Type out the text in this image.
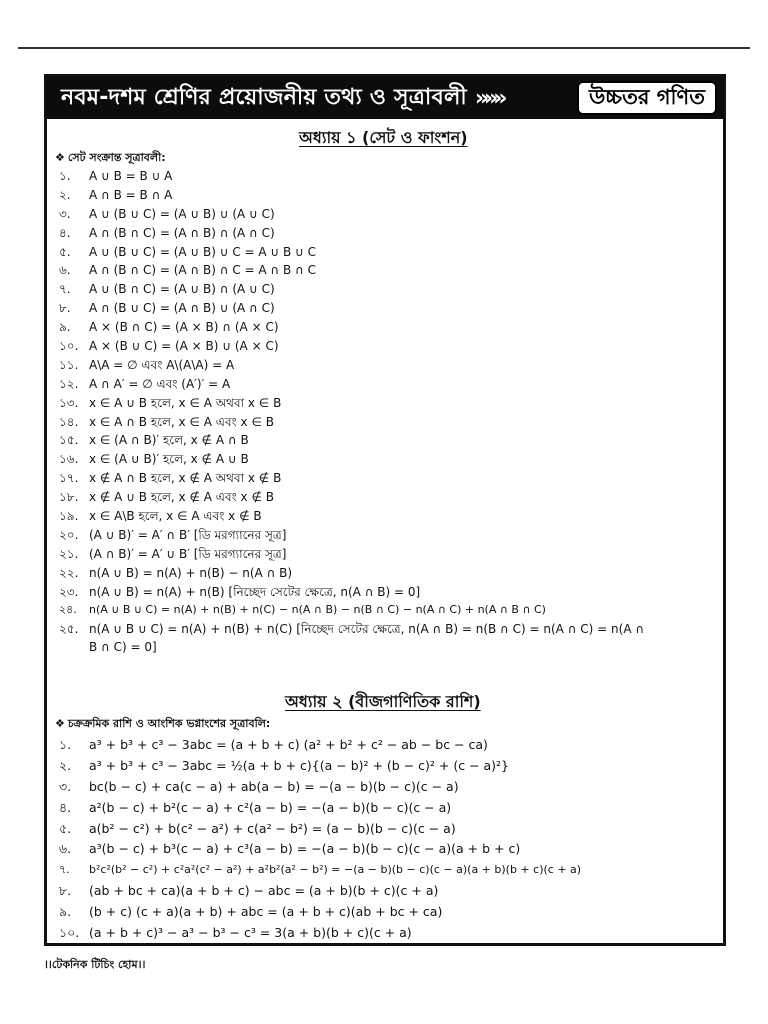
নবম-দশম শ্রেণির প্রয়োজনীয় তথ্য ও সূত্রাবলী »»»	উচ্চতর গণিত
অধ্যায় ১ (সেট ও ফাংশন)
❖ সেট সংক্রান্ত সূত্রাবলী:
১.	A ∪ B = B ∪ A
২.	A ∩ B = B ∩ A
৩.	A ∪ (B ∪ C) = (A ∪ B) ∪ (A ∪ C)
৪.	A ∩ (B ∩ C) = (A ∩ B) ∩ (A ∩ C)
৫.	A ∪ (B ∪ C) = (A ∪ B) ∪ C = A ∪ B ∪ C
৬.	A ∩ (B ∩ C) = (A ∩ B) ∩ C = A ∩ B ∩ C
৭.	A ∪ (B ∩ C) = (A ∪ B) ∩ (A ∪ C)
৮.	A ∩ (B ∪ C) = (A ∩ B) ∪ (A ∩ C)
৯.	A × (B ∩ C) = (A × B) ∩ (A × C)
১০. A × (B ∪ C) = (A × B) ∪ (A × C)
১১. A\A = ∅ এবং A\(A\A) = A
১২. A ∩ A′ = ∅ এবং (A′)′ = A
১৩. x ∈ A ∪ B হলে, x ∈ A অথবা x ∈ B
১৪. x ∈ A ∩ B হলে, x ∈ A এবং x ∈ B
১৫. x ∈ (A ∩ B)′ হলে, x ∉ A ∩ B
১৬. x ∈ (A ∪ B)′ হলে, x ∉ A ∪ B
১৭. x ∉ A ∩ B হলে, x ∉ A অথবা x ∉ B
১৮. x ∉ A ∪ B হলে, x ∉ A এবং x ∉ B
১৯. x ∈ A\B হলে, x ∈ A এবং x ∉ B
২০. (A ∪ B)′ = A′ ∩ B′ [ডি মরগ্যানের সূত্র]
২১. (A ∩ B)′ = A′ ∪ B′ [ডি মরগ্যানের সূত্র]
২২. n(A ∪ B) = n(A) + n(B) − n(A ∩ B)
২৩. n(A ∪ B) = n(A) + n(B) [নিচ্ছেদ সেটের ক্ষেত্রে, n(A ∩ B) = 0]
২৪.	n(A ∪ B ∪ C) = n(A) + n(B) + n(C) − n(A ∩ B) − n(B ∩ C) − n(A ∩ C) + n(A ∩ B ∩ C)
২৫. n(A ∪ B ∪ C) = n(A) + n(B) + n(C) [নিচ্ছেদ সেটের ক্ষেত্রে, n(A ∩ B) = n(B ∩ C) = n(A ∩ C) = n(A ∩ B ∩ C) = 0]
অধ্যায় ২ (বীজগাণিতিক রাশি)
❖ চক্রক্রমিক রাশি ও আংশিক ভগ্নাংশের সূত্রাবলি:
১.	a³ + b³ + c³ − 3abc = (a + b + c) (a² + b² + c² − ab − bc − ca)
২.	a³ + b³ + c³ − 3abc = ½(a + b + c){(a − b)² + (b − c)² + (c − a)²}
৩.	bc(b − c) + ca(c − a) + ab(a − b) = −(a − b)(b − c)(c − a)
৪.	a²(b − c) + b²(c − a) + c²(a − b) = −(a − b)(b − c)(c − a)
৫.	a(b² − c²) + b(c² − a²) + c(a² − b²) = (a − b)(b − c)(c − a)
৬.	a³(b − c) + b³(c − a) + c³(a − b) = −(a − b)(b − c)(c − a)(a + b + c)
৭.	b²c²(b² − c²) + c²a²(c² − a²) + a²b²(a² − b²) = −(a − b)(b − c)(c − a)(a + b)(b + c)(c + a)
৮.	(ab + bc + ca)(a + b + c) − abc = (a + b)(b + c)(c + a)
৯.	(b + c) (c + a)(a + b) + abc = (a + b + c)(ab + bc + ca)
১০. (a + b + c)³ − a³ − b³ − c³ = 3(a + b)(b + c)(c + a)
।।টেকনিক টিচিং হোম।।
